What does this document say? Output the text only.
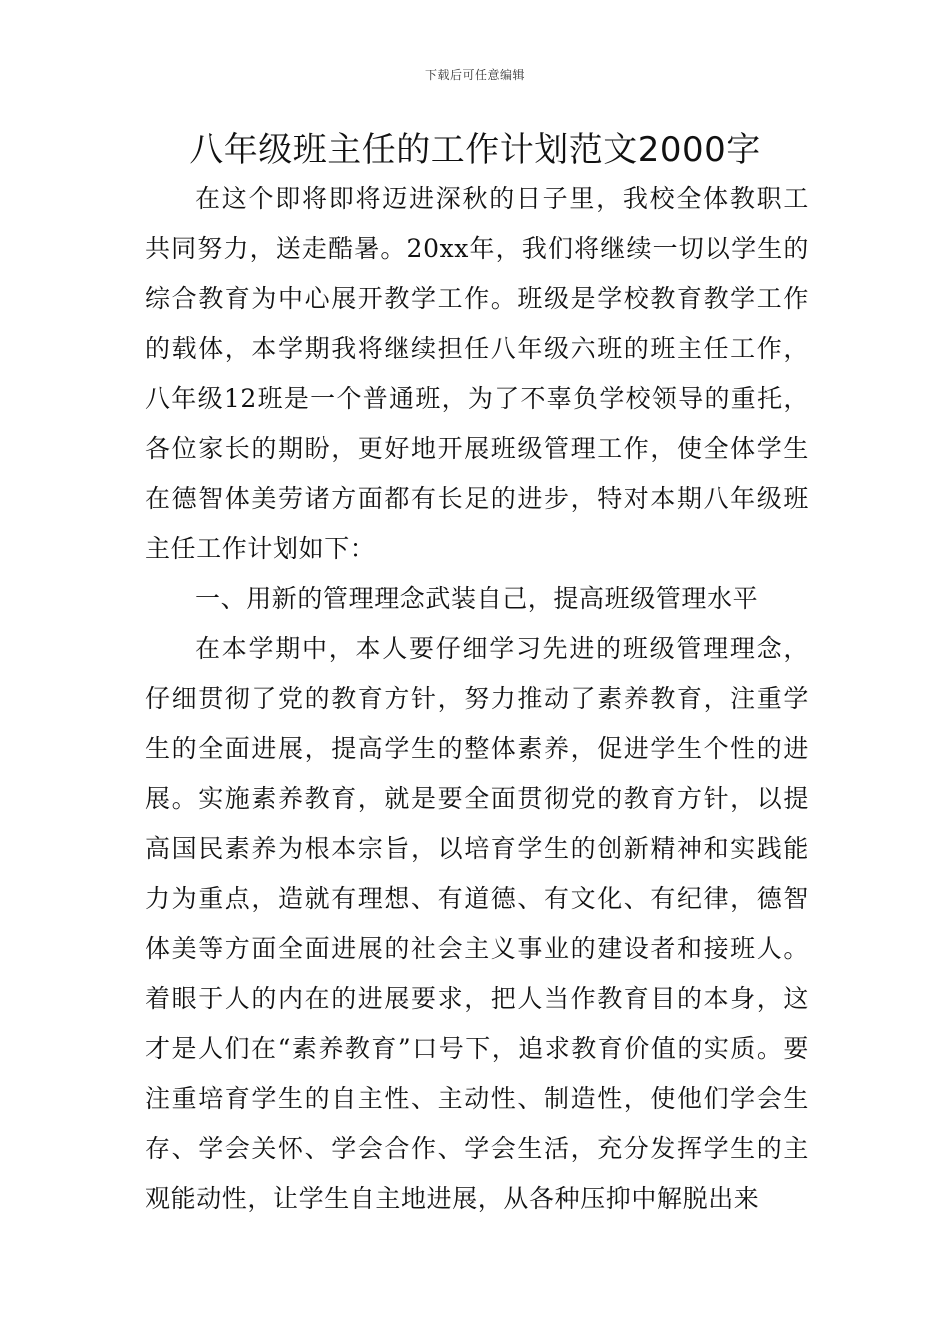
下载后可任意编辑
八年级班主任的工作计划范文2000字

在这个即将即将迈进深秋的日子里，我校全体教职工共同努力，送走酷暑。20xx年，我们将继续一切以学生的综合教育为中心展开教学工作。班级是学校教育教学工作的载体，本学期我将继续担任八年级六班的班主任工作，八年级12班是一个普通班，为了不辜负学校领导的重托，各位家长的期盼，更好地开展班级管理工作，使全体学生在德智体美劳诸方面都有长足的进步，特对本期八年级班主任工作计划如下：

一、用新的管理理念武装自己，提高班级管理水平

在本学期中，本人要仔细学习先进的班级管理理念，仔细贯彻了党的教育方针，努力推动了素养教育，注重学生的全面进展，提高学生的整体素养，促进学生个性的进展。实施素养教育，就是要全面贯彻党的教育方针，以提高国民素养为根本宗旨，以培育学生的创新精神和实践能力为重点，造就有理想、有道德、有文化、有纪律，德智体美等方面全面进展的社会主义事业的建设者和接班人。着眼于人的内在的进展要求，把人当作教育目的本身，这才是人们在“素养教育”口号下，追求教育价值的实质。要注重培育学生的自主性、主动性、制造性，使他们学会生存、学会关怀、学会合作、学会生活，充分发挥学生的主观能动性，让学生自主地进展，从各种压抑中解脱出来
